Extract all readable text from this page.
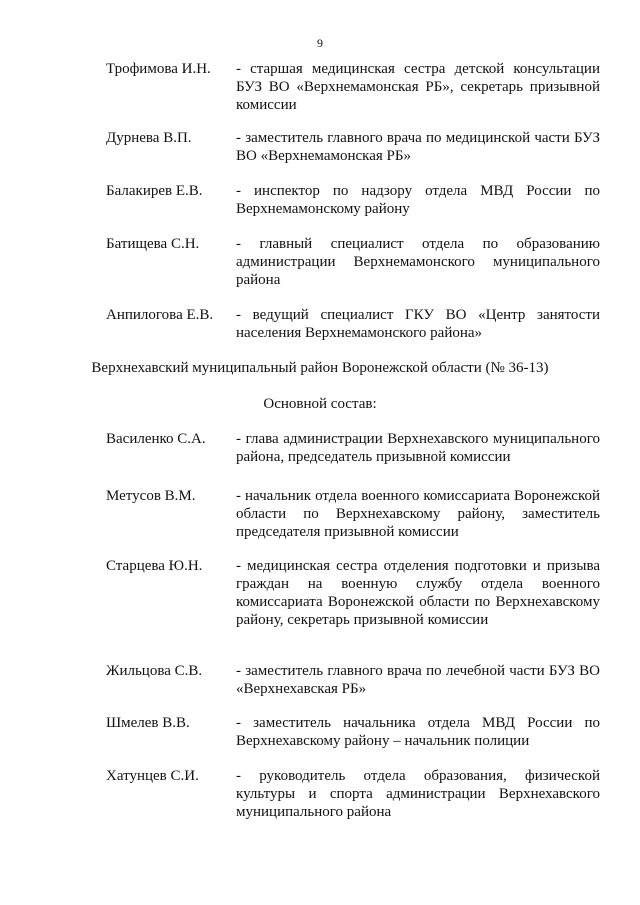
9
Трофимова И.Н. - старшая медицинская сестра детской консультации БУЗ ВО «Верхнемамонская РБ», секретарь призывной комиссии
Дурнева В.П.	- заместитель главного врача по медицинской части БУЗ ВО «Верхнемамонская РБ»
Балакирев Е.В. - инспектор по надзору отдела МВД России по Верхнемамонскому району
Батищева С.Н. - главный специалист отдела по образованию администрации Верхнемамонского муниципального района
Анпилогова Е.В. - ведущий специалист ГКУ ВО «Центр занятости населения Верхнемамонского района»
Верхнехавский муниципальный район Воронежской области (№ 36-13)
Основной состав:
Василенко С.А. - глава администрации Верхнехавского муниципального района, председатель призывной комиссии
Метусов В.М.	- начальник отдела военного комиссариата Воронежской области по Верхнехавскому району, заместитель председателя призывной комиссии
Старцева Ю.Н. - медицинская сестра отделения подготовки и призыва граждан на военную службу отдела военного комиссариата Воронежской области по Верхнехавскому району, секретарь призывной комиссии
Жильцова С.В. - заместитель главного врача по лечебной части БУЗ ВО «Верхнехавская РБ»
Шмелев В.В.	- заместитель начальника отдела МВД России по Верхнехавскому району – начальник полиции
Хатунцев С.И. - руководитель отдела образования, физической культуры и спорта администрации Верхнехавского муниципального района
